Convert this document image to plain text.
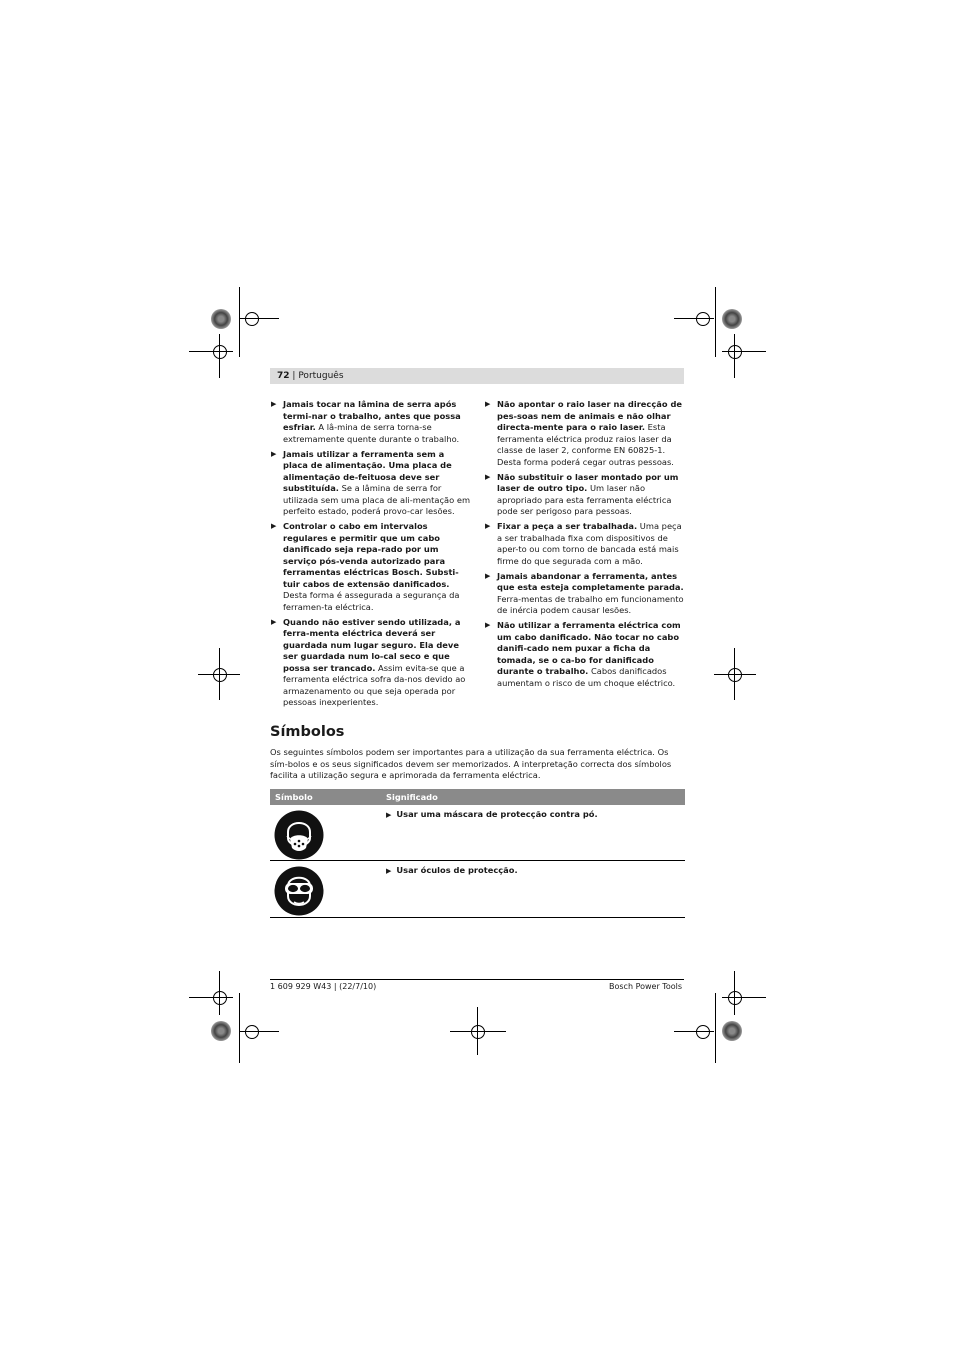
72 | Português
▶ Jamais tocar na lâmina de serra após termi-nar o trabalho, antes que possa esfriar. A lâ-mina de serra torna-se extremamente quente durante o trabalho.
▶ Jamais utilizar a ferramenta sem a placa de alimentação. Uma placa de alimentação de-feituosa deve ser substituída. Se a lâmina de serra for utilizada sem uma placa de ali-mentação em perfeito estado, poderá provo-car lesões.
▶ Controlar o cabo em intervalos regulares e permitir que um cabo danificado seja repa-rado por um serviço pós-venda autorizado para ferramentas eléctricas Bosch. Substi-tuir cabos de extensão danificados. Desta forma é assegurada a segurança da ferramen-ta eléctrica.
▶ Quando não estiver sendo utilizada, a ferra-menta eléctrica deverá ser guardada num lugar seguro. Ela deve ser guardada num lo-cal seco e que possa ser trancado. Assim evita-se que a ferramenta eléctrica sofra da-nos devido ao armazenamento ou que seja operada por pessoas inexperientes.
▶ Não apontar o raio laser na direcção de pes-soas nem de animais e não olhar directa-mente para o raio laser. Esta ferramenta eléctrica produz raios laser da classe de laser 2, conforme EN 60825-1. Desta forma poderá cegar outras pessoas.
▶ Não substituir o laser montado por um laser de outro tipo. Um laser não apropriado para esta ferramenta eléctrica pode ser perigoso para pessoas.
▶ Fixar a peça a ser trabalhada. Uma peça a ser trabalhada fixa com dispositivos de aper-to ou com torno de bancada está mais firme do que segurada com a mão.
▶ Jamais abandonar a ferramenta, antes que esta esteja completamente parada. Ferra-mentas de trabalho em funcionamento de inércia podem causar lesões.
▶ Não utilizar a ferramenta eléctrica com um cabo danificado. Não tocar no cabo danifi-cado nem puxar a ficha da tomada, se o ca-bo for danificado durante o trabalho. Cabos danificados aumentam o risco de um choque eléctrico.
Símbolos
Os seguintes símbolos podem ser importantes para a utilização da sua ferramenta eléctrica. Os sím-bolos e os seus significados devem ser memorizados. A interpretação correcta dos símbolos facilita a utilização segura e aprimorada da ferramenta eléctrica.
Símbolo	Significado
▶ Usar uma máscara de protecção contra pó.
▶ Usar óculos de protecção.
1 609 929 W43 | (22/7/10)	Bosch Power Tools
